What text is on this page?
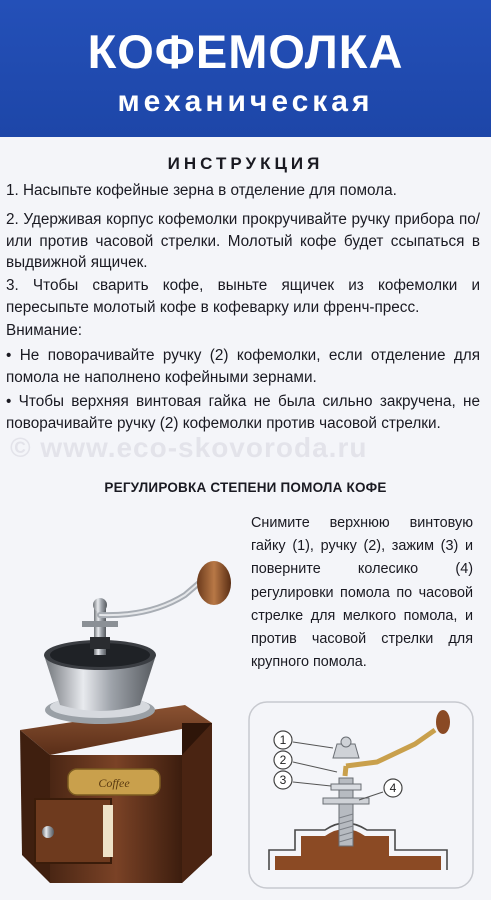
КОФЕМОЛКА
механическая
© www.eco-skovoroda.ru
ИНСТРУКЦИЯ
1. Насыпьте кофейные зерна в отделение для помола.
2. Удерживая корпус кофемолки прокручивайте ручку прибора по/или против часовой стрелки. Молотый кофе будет ссыпаться в выдвижной ящичек.
3. Чтобы сварить кофе, выньте ящичек из кофемолки и пересыпьте молотый кофе в кофеварку или френч-пресс.
Внимание:
• Не поворачивайте ручку (2) кофемолки, если отделение для помола не наполнено кофейными зернами.
• Чтобы верхняя винтовая гайка не была сильно закручена, не поворачивайте ручку (2) кофемолки против часовой стрелки.
РЕГУЛИРОВКА СТЕПЕНИ ПОМОЛА КОФЕ
Снимите верхнюю винтовую гайку (1), ручку (2), зажим (3) и поверните колесико (4) регулировки помола по часовой стрелке для мелкого помола, и против часовой стрелки для крупного помола.
Coffee
1
2
3
4
